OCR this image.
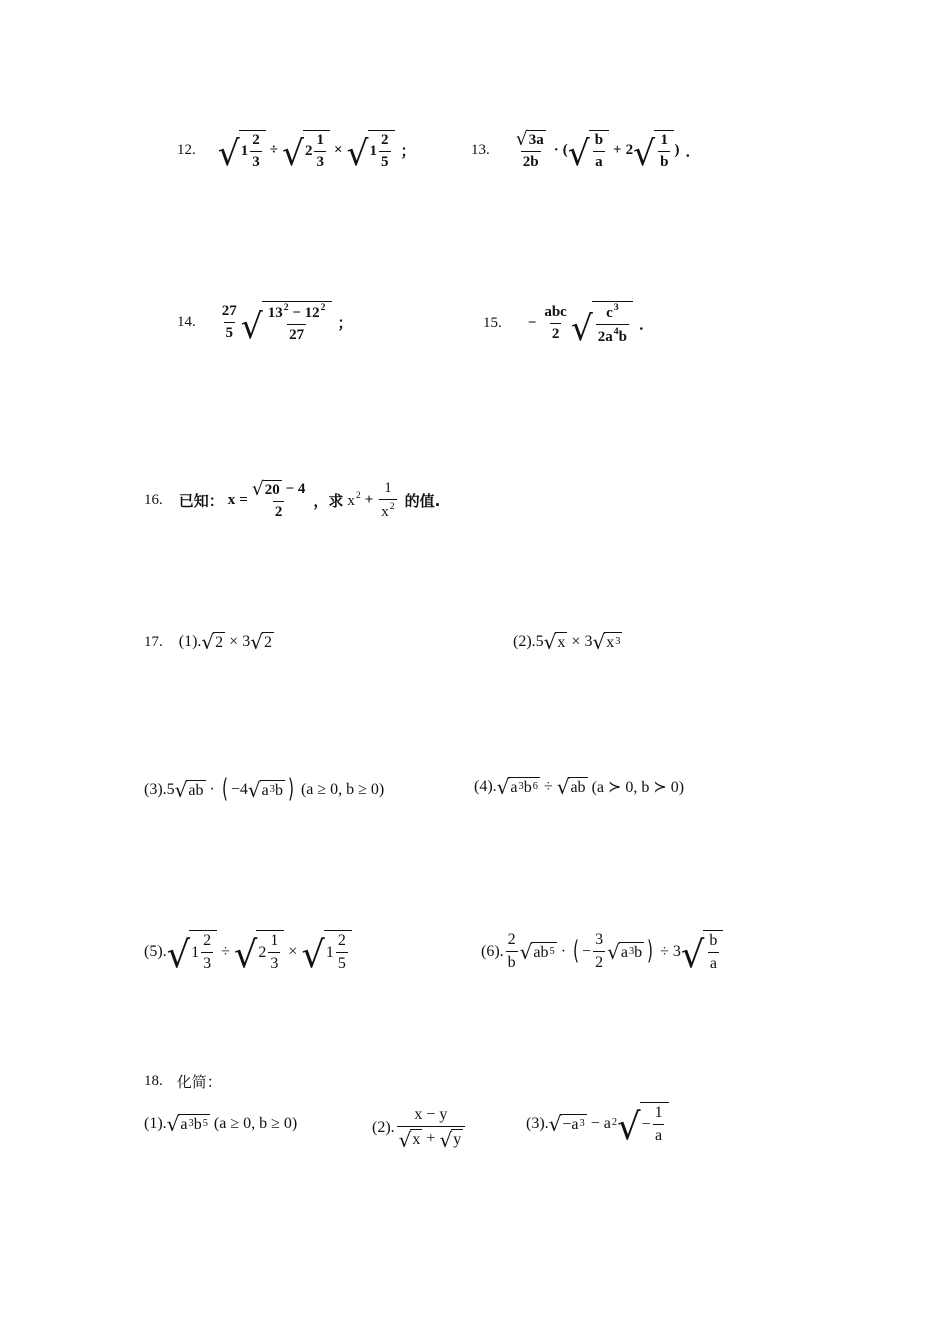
12. √ $1 \frac{2}{3}$ ÷ √ $2 \frac{1}{3}$ × √ $1 \frac{2}{5}$ ；	13. $\frac{√ 3a}{2b}$ · ( √ $\frac{b}{a} + 2$ √ $\frac{1}{b}$ ) ．
14. $\frac{27}{5}$ √ $\frac{13^2 - 12^2}{27}$ ；	15. − $\frac{\text{abc}}{2}$ √ $\frac{c^3}{2a^4b}$ ．
16. 已知： $x = \frac{√ 20 - 4}{2}$ ，求 $x^2 + \frac{1}{x^2}$ 的值.
17. (1). √ 2 × 3 √ 2	(2). 5 √ x × 3 √ x 3
(3). 5 √ ab · ( −4 √ a 3 b ) (a ≥ 0, b ≥ 0)	(4). √ a 3 b 6 ÷ √ ab (a ≻ 0, b ≻ 0)
(5). √ $1 \frac{2}{3}$ ÷ √ $2 \frac{1}{3}$ × √ $1 \frac{2}{5}$	(6). $\frac{2}{b}$ √ ab 5 · ( − $\frac{3}{2}$ √ a 3 b ) ÷ 3 √ $\frac{b}{a}$
18. 化简：
(1). √ a 3 b 5 (a ≥ 0, b ≥ 0)	(2). $\frac{x - y}{√ x + √ y}$	(3). √ −a 3 − a 2 √ − $\frac{1}{a}$
